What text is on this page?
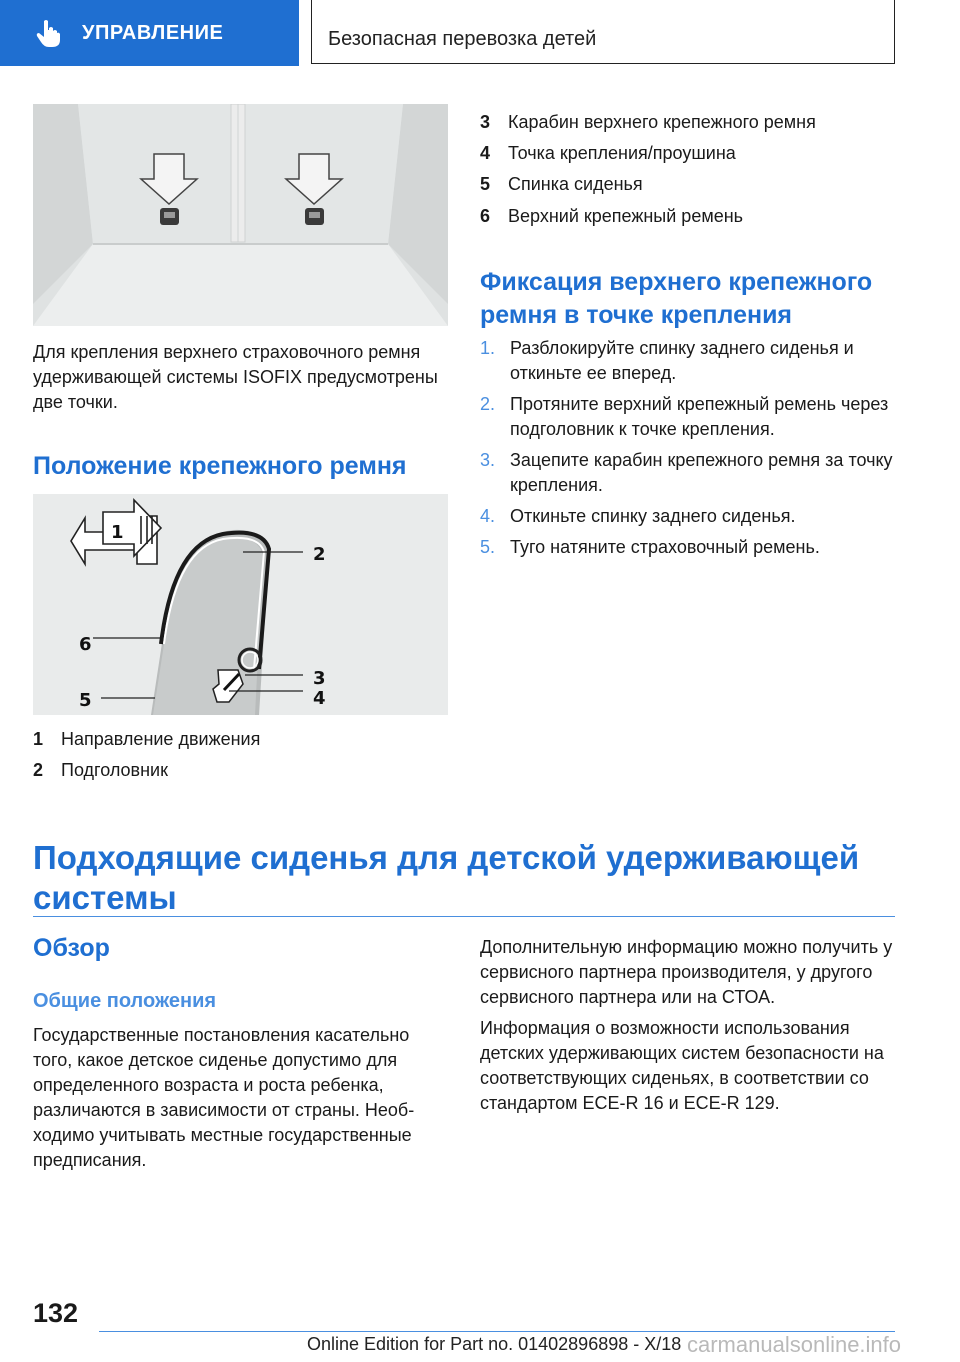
УПРАВЛЕНИЕ	Безопасная перевозка детей

Для крепления верхнего страховочного ремня удерживающей системы ISOFIX предусмотрены две точки.

Положение крепежного ремня
1
2
3
4
5
6
1 Направление движения
2 Подголовник
3 Карабин верхнего крепежного ремня
4 Точка крепления/проушина
5 Спинка сиденья
6 Верхний крепежный ремень
Фиксация верхнего крепежного ремня в точке крепления
1. Разблокируйте спинку заднего сиденья и откиньте ее вперед.
2. Протяните верхний крепежный ремень через подголовник к точке крепления.
3. Зацепите карабин крепежного ремня за точку крепления.
4. Откиньте спинку заднего сиденья.
5. Туго натяните страховочный ремень.
Подходящие сиденья для детской удерживающей системы
Обзор
Общие положения

Государственные постановления касательно того, какое детское сиденье допустимо для определенного возраста и роста ребенка, различаются в зависимости от страны. Необходимо учитывать местные государственные предписания.

Дополнительную информацию можно получить у сервисного партнера производителя, у другого сервисного партнера или на СТОА.

Информация о возможности использования детских удерживающих систем безопасности на соответствующих сиденьях, в соответствии со стандартом ECE-R 16 и ECE-R 129.

132
Online Edition for Part no. 01402896898 - X/18 carmanualsonline.info
